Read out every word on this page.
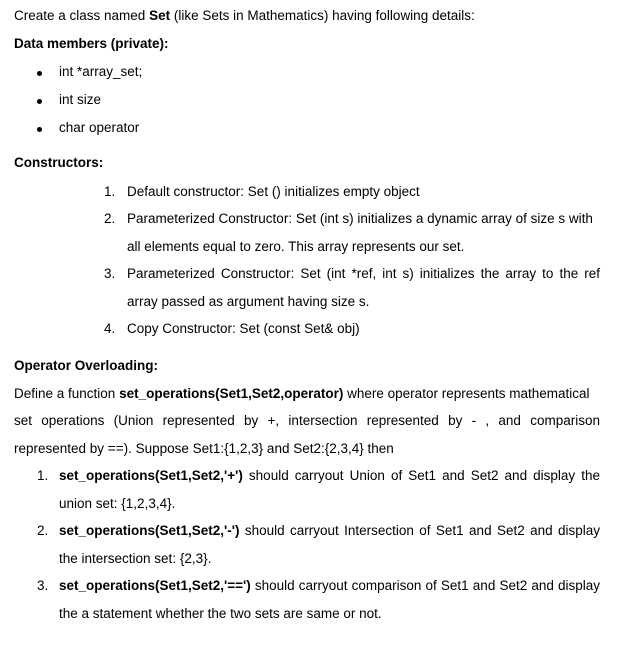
Create a class named Set (like Sets in Mathematics) having following details:
Data members (private):
int *array_set;
int size
char operator
Constructors:
1. Default constructor: Set () initializes empty object
2. Parameterized Constructor: Set (int s) initializes a dynamic array of size s with
all elements equal to zero. This array represents our set.
3. Parameterized Constructor: Set (int *ref, int s) initializes the array to the ref
array passed as argument having size s.
4. Copy Constructor: Set (const Set& obj)
Operator Overloading:
Define a function set_operations(Set1,Set2,operator) where operator represents mathematical
set operations (Union represented by +, intersection represented by - , and comparison
represented by ==). Suppose Set1:{1,2,3} and Set2:{2,3,4} then
1. set_operations(Set1,Set2,'+') should carryout Union of Set1 and Set2 and display the
union set: {1,2,3,4}.
2. set_operations(Set1,Set2,'-') should carryout Intersection of Set1 and Set2 and display
the intersection set: {2,3}.
3. set_operations(Set1,Set2,'==') should carryout comparison of Set1 and Set2 and display
the a statement whether the two sets are same or not.
